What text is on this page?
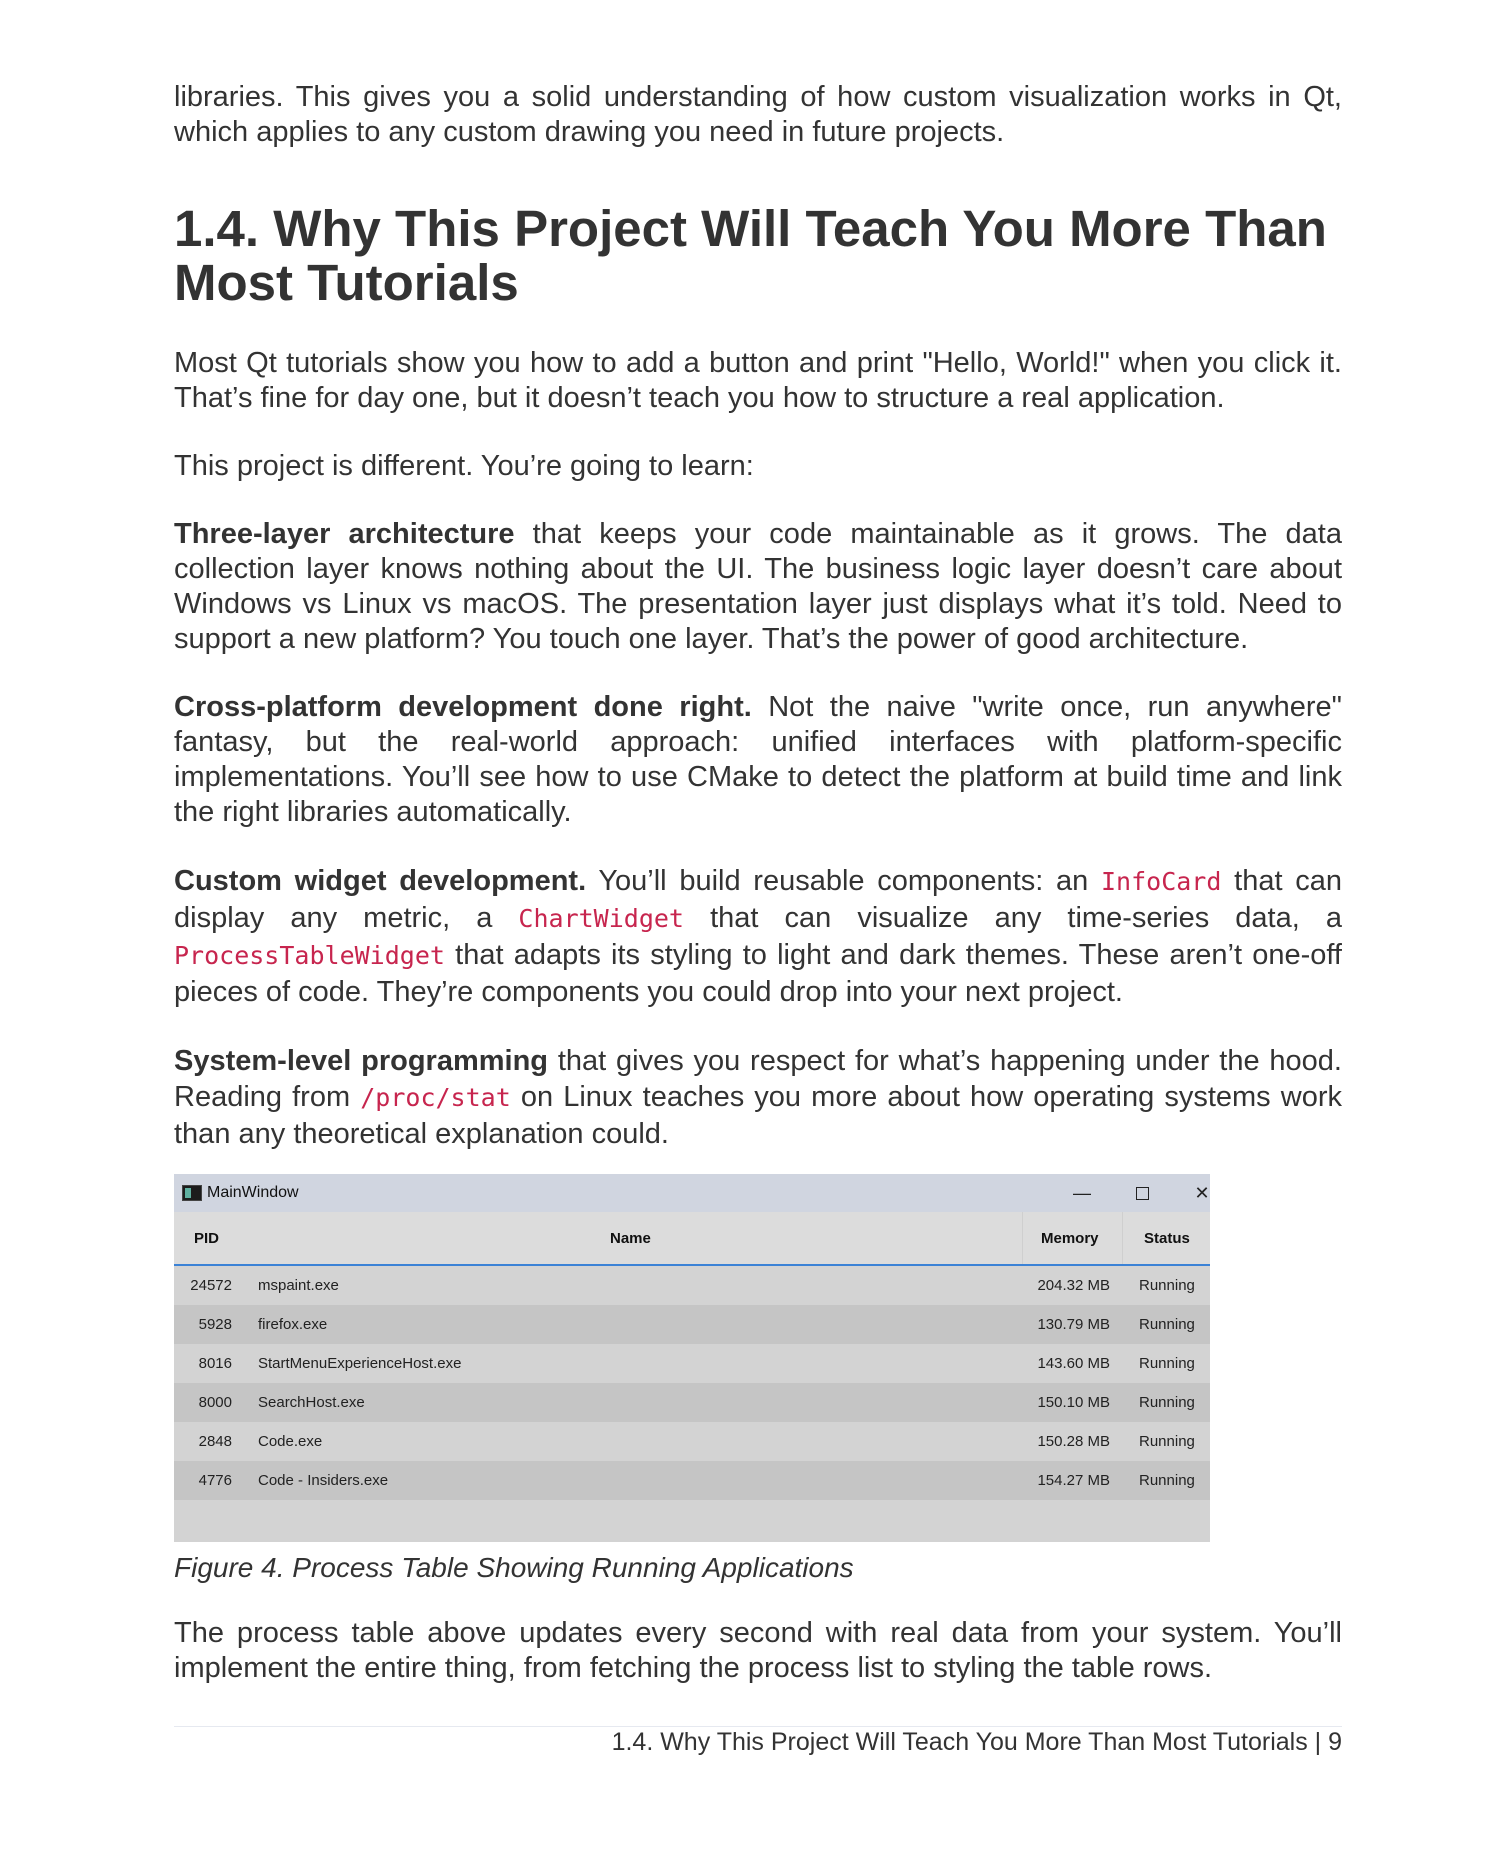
libraries. This gives you a solid understanding of how custom visualization works in Qt, which applies to any custom drawing you need in future projects.

1.4. Why This Project Will Teach You More Than Most Tutorials

Most Qt tutorials show you how to add a button and print "Hello, World!" when you click it. That’s fine for day one, but it doesn’t teach you how to structure a real application.

This project is different. You’re going to learn:

Three-layer architecture that keeps your code maintainable as it grows. The data collection layer knows nothing about the UI. The business logic layer doesn’t care about Windows vs Linux vs macOS. The presentation layer just displays what it’s told. Need to support a new platform? You touch one layer. That’s the power of good architecture.

Cross-platform development done right. Not the naive "write once, run anywhere" fantasy, but the real-world approach: unified interfaces with platform-specific implementations. You’ll see how to use CMake to detect the platform at build time and link the right libraries automatically.

Custom widget development. You’ll build reusable components: an InfoCard that can display any metric, a ChartWidget that can visualize any time-series data, a ProcessTableWidget that adapts its styling to light and dark themes. These aren’t one-off pieces of code. They’re components you could drop into your next project.

System-level programming that gives you respect for what’s happening under the hood. Reading from /proc/stat on Linux teaches you more about how operating systems work than any theoretical explanation could.

MainWindow	—	✕
PID	Name	Memory	Status
24572 mspaint.exe	204.32 MB Running
5928 firefox.exe	130.79 MB Running
8016 StartMenuExperienceHost.exe	143.60 MB Running
8000 SearchHost.exe	150.10 MB Running
2848 Code.exe	150.28 MB Running
4776 Code - Insiders.exe	154.27 MB Running
Figure 4. Process Table Showing Running Applications

The process table above updates every second with real data from your system. You’ll implement the entire thing, from fetching the process list to styling the table rows.

1.4. Why This Project Will Teach You More Than Most Tutorials | 9
